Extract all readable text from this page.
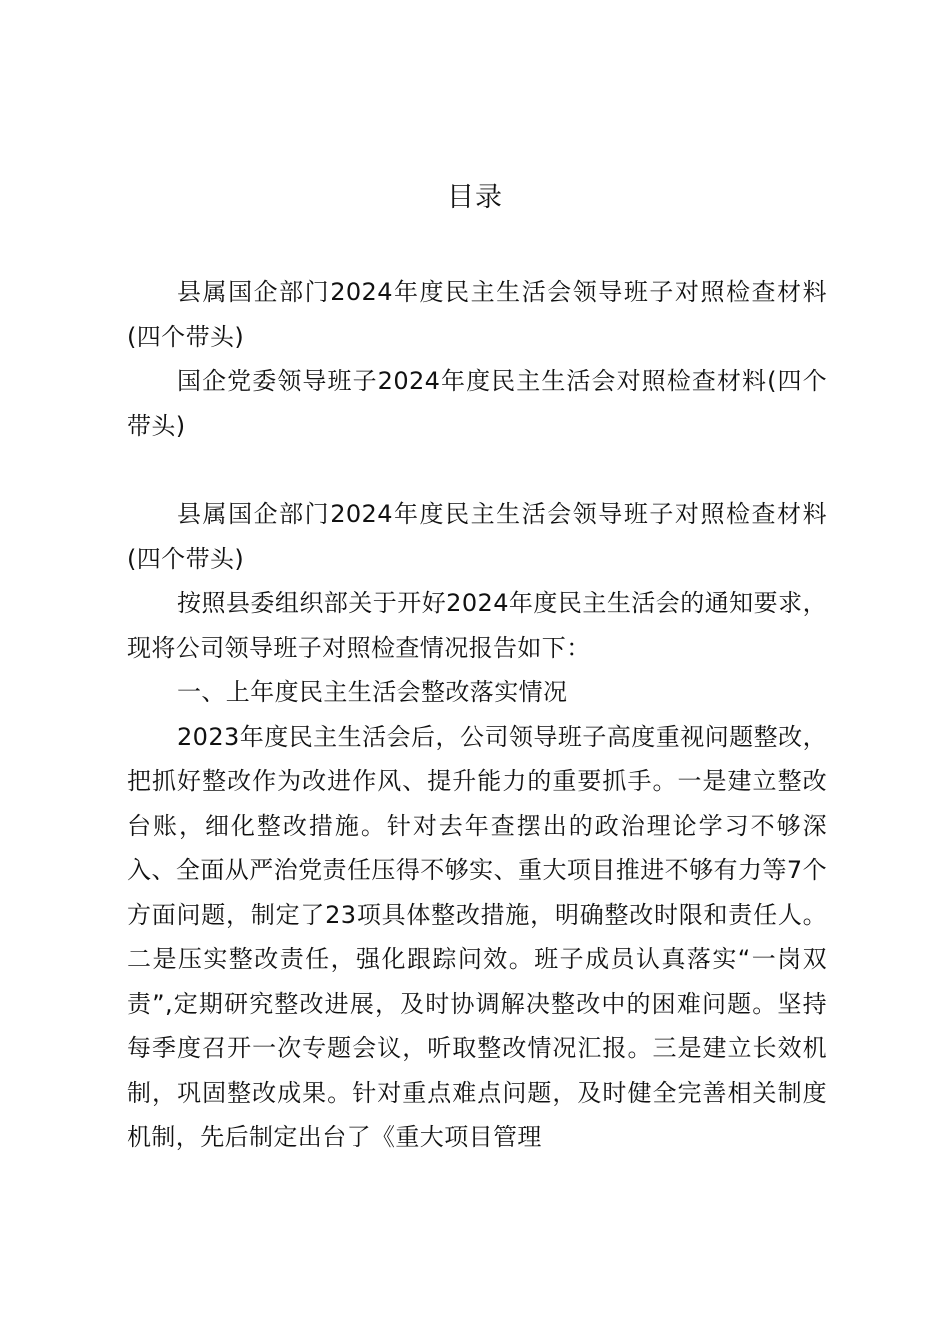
目录

县属国企部门2024年度民主生活会领导班子对照检查材料(四个带头)

国企党委领导班子2024年度民主生活会对照检查材料(四个带头)

县属国企部门2024年度民主生活会领导班子对照检查材料(四个带头)

按照县委组织部关于开好2024年度民主生活会的通知要求，现将公司领导班子对照检查情况报告如下：

一、上年度民主生活会整改落实情况

2023年度民主生活会后，公司领导班子高度重视问题整改，把抓好整改作为改进作风、提升能力的重要抓手。一是建立整改台账，细化整改措施。针对去年查摆出的政治理论学习不够深入、全面从严治党责任压得不够实、重大项目推进不够有力等7个方面问题，制定了23项具体整改措施，明确整改时限和责任人。二是压实整改责任，强化跟踪问效。班子成员认真落实“一岗双责”,定期研究整改进展，及时协调解决整改中的困难问题。坚持每季度召开一次专题会议，听取整改情况汇报。三是建立长效机制，巩固整改成果。针对重点难点问题，及时健全完善相关制度机制，先后制定出台了《重大项目管理
